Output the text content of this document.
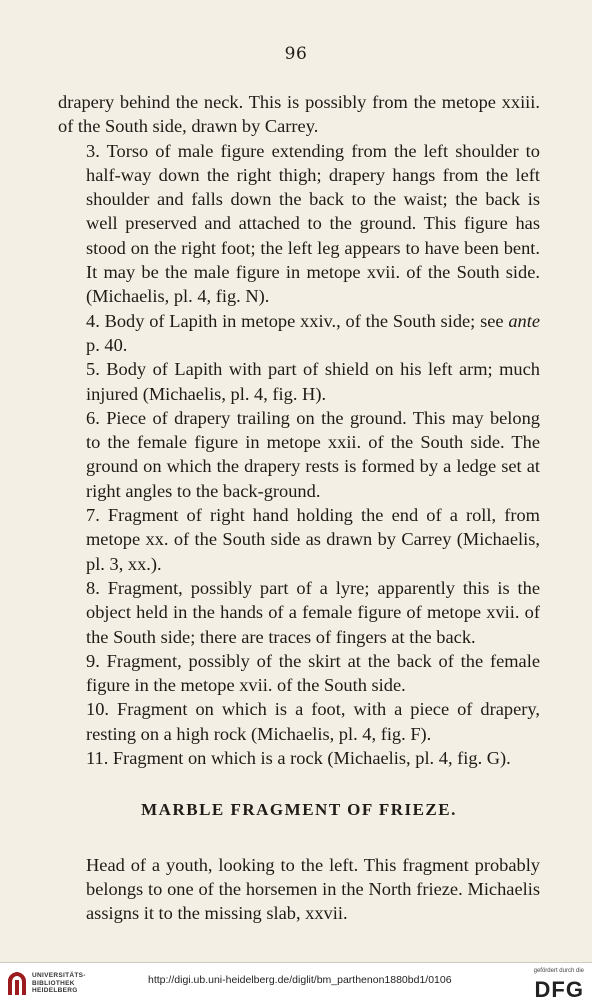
96

drapery behind the neck. This is possibly from the metope xxiii. of the South side, drawn by Carrey.

3. Torso of male figure extending from the left shoulder to half-way down the right thigh; drapery hangs from the left shoulder and falls down the back to the waist; the back is well preserved and attached to the ground. This figure has stood on the right foot; the left leg appears to have been bent. It may be the male figure in metope xvii. of the South side. (Michaelis, pl. 4, fig. N).

4. Body of Lapith in metope xxiv., of the South side; see ante p. 40.

5. Body of Lapith with part of shield on his left arm; much injured (Michaelis, pl. 4, fig. H).

6. Piece of drapery trailing on the ground. This may belong to the female figure in metope xxii. of the South side. The ground on which the drapery rests is formed by a ledge set at right angles to the back-ground.

7. Fragment of right hand holding the end of a roll, from metope xx. of the South side as drawn by Carrey (Michaelis, pl. 3, xx.).

8. Fragment, possibly part of a lyre; apparently this is the object held in the hands of a female figure of metope xvii. of the South side; there are traces of fingers at the back.

9. Fragment, possibly of the skirt at the back of the female figure in the metope xvii. of the South side.

10. Fragment on which is a foot, with a piece of drapery, resting on a high rock (Michaelis, pl. 4, fig. F).

11. Fragment on which is a rock (Michaelis, pl. 4, fig. G).

MARBLE FRAGMENT OF FRIEZE.

Head of a youth, looking to the left. This fragment probably belongs to one of the horsemen in the North frieze. Michaelis assigns it to the missing slab, xxvii.

UNIVERSITÄTS-
BIBLIOTHEK
HEIDELBERG
http://digi.ub.uni-heidelberg.de/diglit/bm_parthenon1880bd1/0106
gefördert durch die
DFG
